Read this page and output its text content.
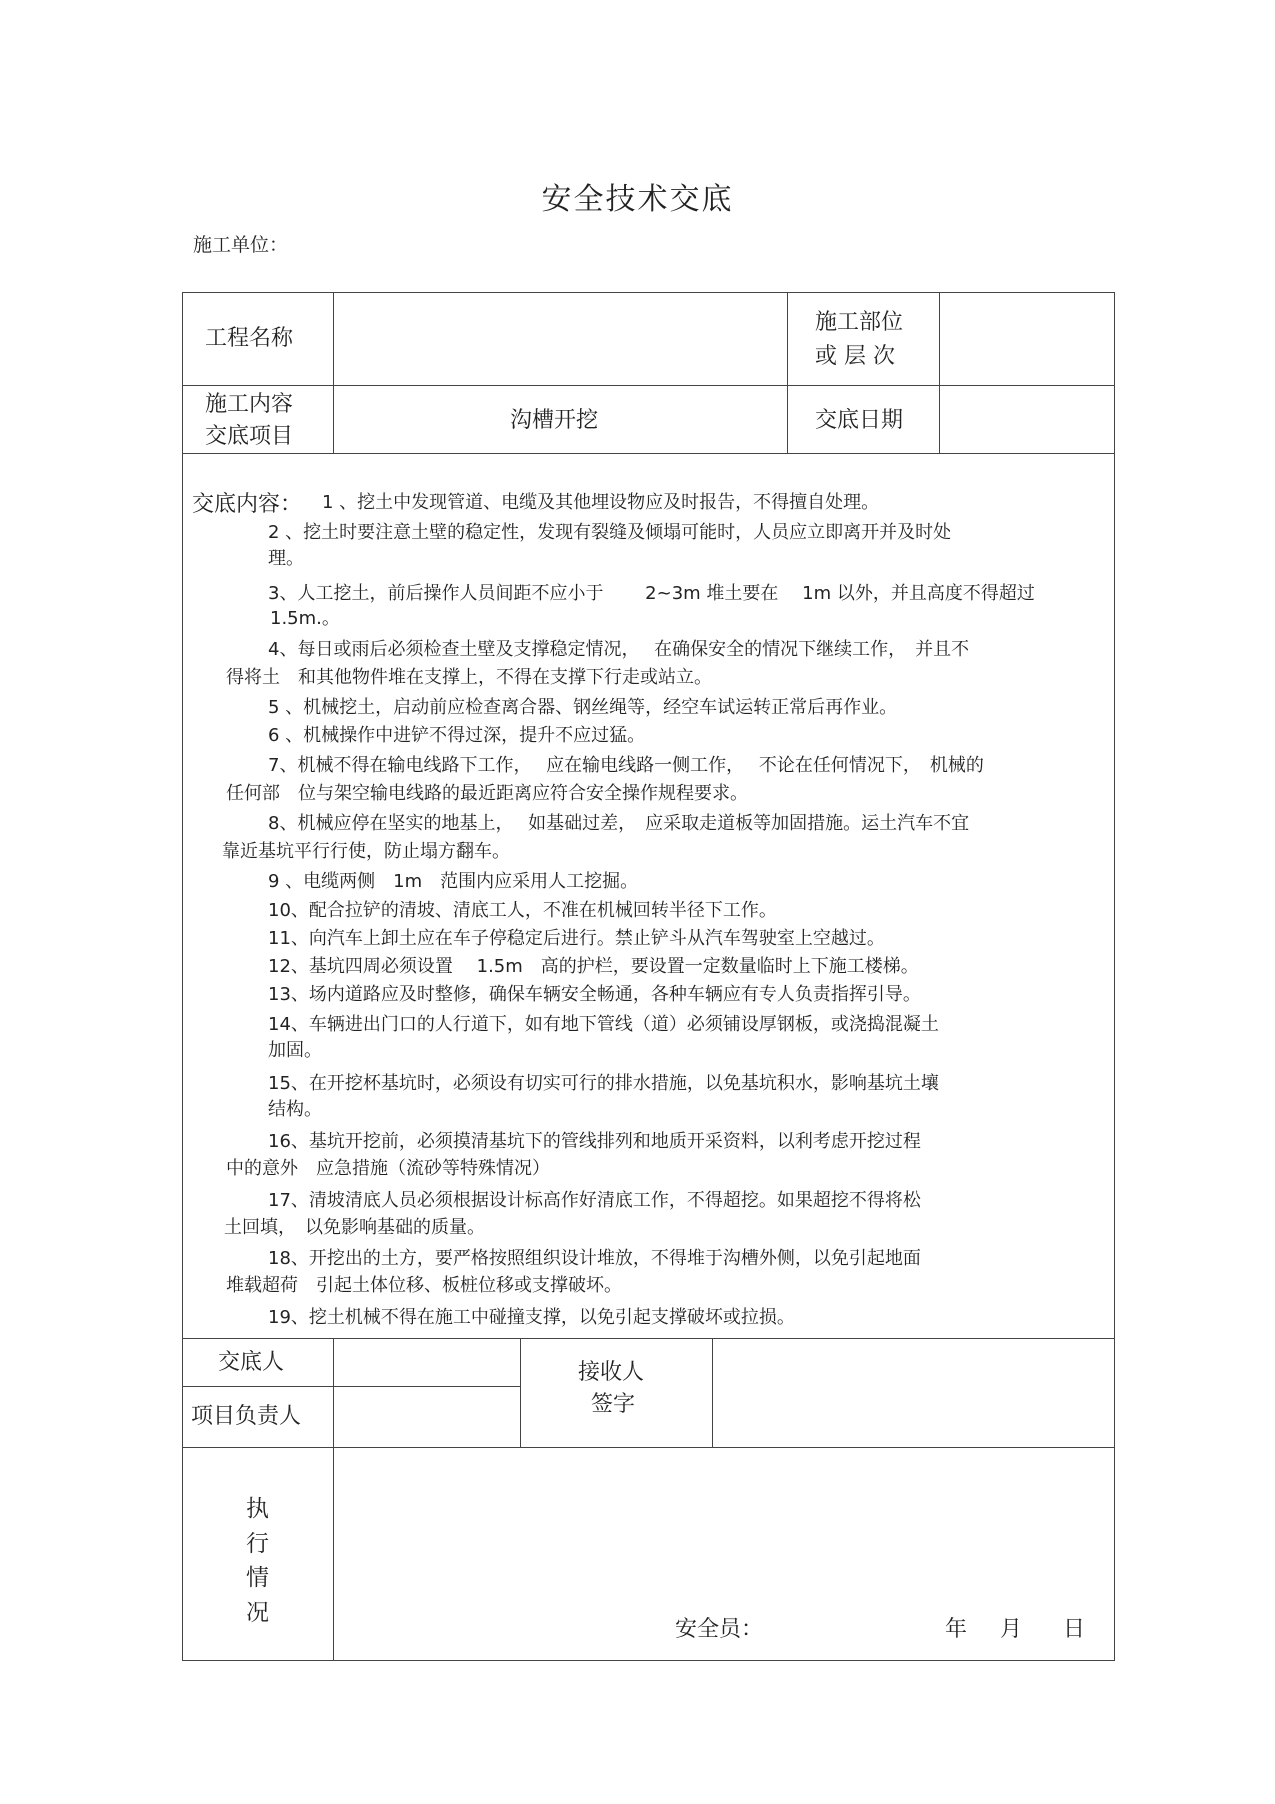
安全技术交底
施工单位：
工程名称
施工部位
或 层 次
施工内容
交底项目
沟槽开挖	交底日期
交底内容： 1 、挖土中发现管道、电缆及其他埋设物应及时报告，不得擅自处理。
2 、挖土时要注意土壁的稳定性，发现有裂缝及倾塌可能时，人员应立即离开并及时处
理。
3、人工挖土，前后操作人员间距不应小于　　 2~3m 堆土要在　 1m 以外，并且高度不得超过
1.5m.。
4、每日或雨后必须检查土壁及支撑稳定情况，　 在确保安全的情况下继续工作，　并且不
得将土　和其他物件堆在支撑上，不得在支撑下行走或站立。
5 、机械挖土，启动前应检查离合器、钢丝绳等，经空车试运转正常后再作业。
6 、机械操作中进铲不得过深，提升不应过猛。
7、机械不得在输电线路下工作，　 应在输电线路一侧工作，　 不论在任何情况下，　机械的
任何部　位与架空输电线路的最近距离应符合安全操作规程要求。
8、机械应停在坚实的地基上，　 如基础过差，　应采取走道板等加固措施。运土汽车不宜
靠近基坑平行行使，防止塌方翻车。
9 、电缆两侧　1m　范围内应采用人工挖掘。
10、配合拉铲的清坡、清底工人，不准在机械回转半径下工作。
11、向汽车上卸土应在车子停稳定后进行。禁止铲斗从汽车驾驶室上空越过。
12、基坑四周必须设置　 1.5m　高的护栏，要设置一定数量临时上下施工楼梯。
13、场内道路应及时整修，确保车辆安全畅通，各种车辆应有专人负责指挥引导。
14、车辆进出门口的人行道下，如有地下管线（道）必须铺设厚钢板，或浇捣混凝土
加固。
15、在开挖杯基坑时，必须设有切实可行的排水措施，以免基坑积水，影响基坑土壤
结构。
16、基坑开挖前，必须摸清基坑下的管线排列和地质开采资料，以利考虑开挖过程
中的意外　应急措施（流砂等特殊情况）
17、清坡清底人员必须根据设计标高作好清底工作，不得超挖。如果超挖不得将松
土回填，　以免影响基础的质量。
18、开挖出的土方，要严格按照组织设计堆放，不得堆于沟槽外侧，以免引起地面
堆载超荷　引起土体位移、板桩位移或支撑破坏。
19、挖土机械不得在施工中碰撞支撑，以免引起支撑破坏或拉损。
交底人
项目负责人
接收人
签字
执
行
情
况
安全员：	年 月 日
